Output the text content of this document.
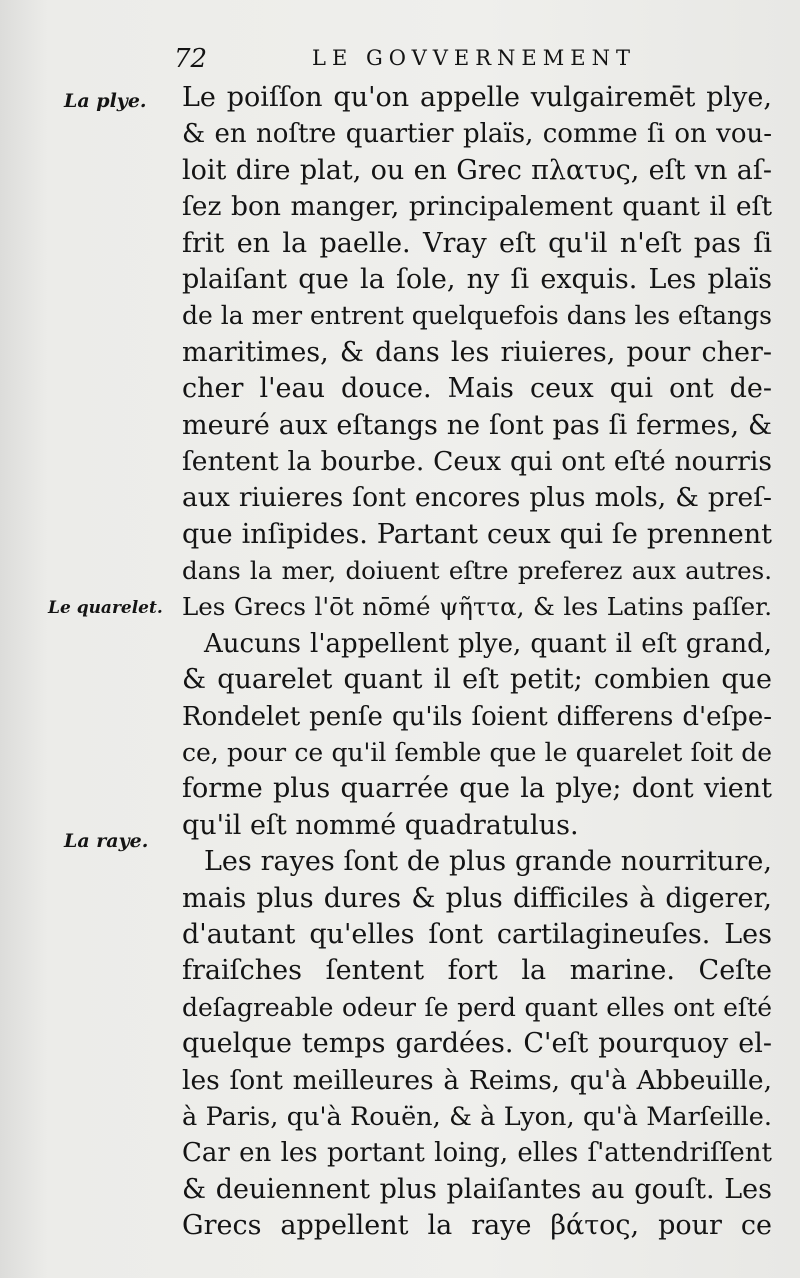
72	LE GOVVERNEMENT
La plye.
Le quarelet.
La raye.
Le poiſſon qu'on appelle vulgairemēt plye,
& en noſtre quartier plaïs, comme ſi on vou-
loit dire plat, ou en Grec πλατυς, eſt vn aſ-
ſez bon manger, principalement quant il eſt
frit en la paelle. Vray eſt qu'il n'eſt pas ſi
plaiſant que la ſole, ny ſi exquis. Les plaïs
de la mer entrent quelquefois dans les eſtangs
maritimes, & dans les riuieres, pour cher-
cher l'eau douce. Mais ceux qui ont de-
meuré aux eſtangs ne ſont pas ſi fermes, &
ſentent la bourbe. Ceux qui ont eſté nourris
aux riuieres ſont encores plus mols, & preſ-
que inſipides. Partant ceux qui ſe prennent
dans la mer, doiuent eſtre preferez aux autres.
Les Grecs l'ōt nōmé ψῆττα, & les Latins paſſer.
Aucuns l'appellent plye, quant il eſt grand,
& quarelet quant il eſt petit; combien que
Rondelet penſe qu'ils ſoient differens d'eſpe-
ce, pour ce qu'il ſemble que le quarelet ſoit de
forme plus quarrée que la plye; dont vient
qu'il eſt nommé quadratulus.
Les rayes ſont de plus grande nourriture,
mais plus dures & plus difficiles à digerer,
d'autant qu'elles ſont cartilagineuſes. Les
fraiſches ſentent fort la marine. Ceſte
deſagreable odeur ſe perd quant elles ont eſté
quelque temps gardées. C'eſt pourquoy el-
les ſont meilleures à Reims, qu'à Abbeuille,
à Paris, qu'à Rouën, & à Lyon, qu'à Marſeille.
Car en les portant loing, elles ſ'attendriſſent
& deuiennent plus plaiſantes au gouſt. Les
Grecs appellent la raye βάτος, pour ce
